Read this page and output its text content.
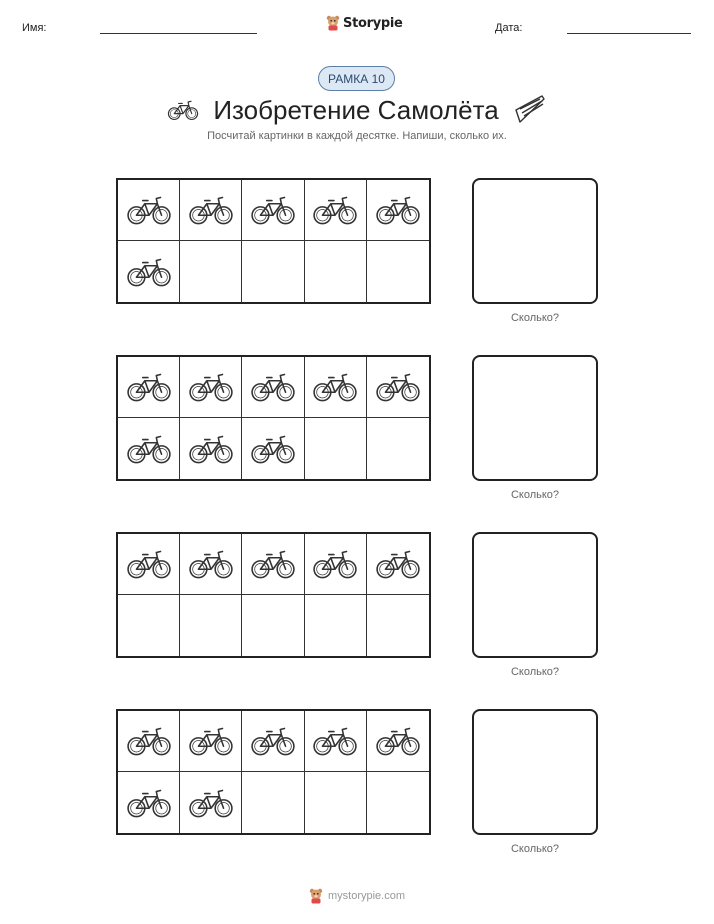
Имя:	Storypie	Дата:
РАМКА 10
Изобретение Самолёта
Посчитай картинки в каждой десятке. Напиши, сколько их.
Сколько?
Сколько?
Сколько?
Сколько?
mystorypie.com
